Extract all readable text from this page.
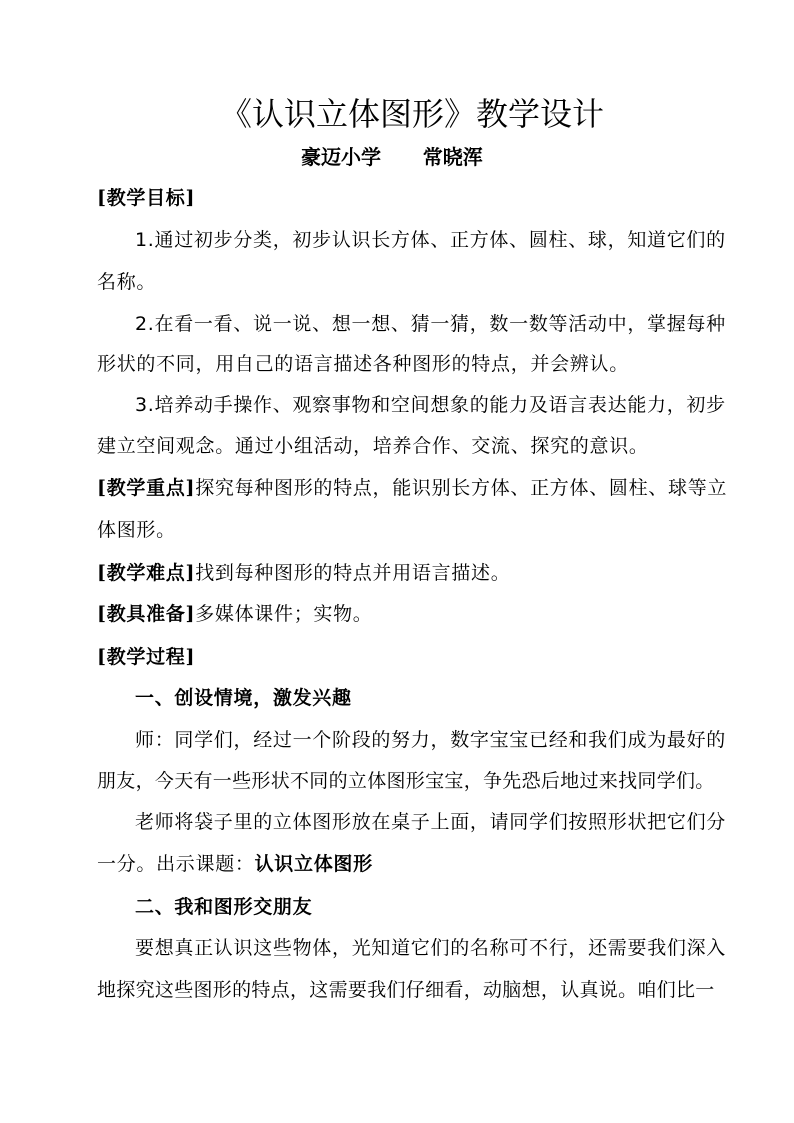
《认识立体图形》教学设计
豪迈小学 常晓浑
[教学目标]
1.通过初步分类，初步认识长方体、正方体、圆柱、球，知道它们的
名称。
2.在看一看、说一说、想一想、猜一猜，数一数等活动中，掌握每种
形状的不同，用自己的语言描述各种图形的特点，并会辨认。
3.培养动手操作、观察事物和空间想象的能力及语言表达能力，初步
建立空间观念。通过小组活动，培养合作、交流、探究的意识。
[教学重点]探究每种图形的特点，能识别长方体、正方体、圆柱、球等立
体图形。
[教学难点]找到每种图形的特点并用语言描述。
[教具准备]多媒体课件；实物。
[教学过程]
一、创设情境，激发兴趣
师：同学们，经过一个阶段的努力，数字宝宝已经和我们成为最好的
朋友，今天有一些形状不同的立体图形宝宝，争先恐后地过来找同学们。
老师将袋子里的立体图形放在桌子上面，请同学们按照形状把它们分
一分。出示课题：认识立体图形
二、我和图形交朋友
要想真正认识这些物体，光知道它们的名称可不行，还需要我们深入
地探究这些图形的特点，这需要我们仔细看，动脑想，认真说。咱们比一
